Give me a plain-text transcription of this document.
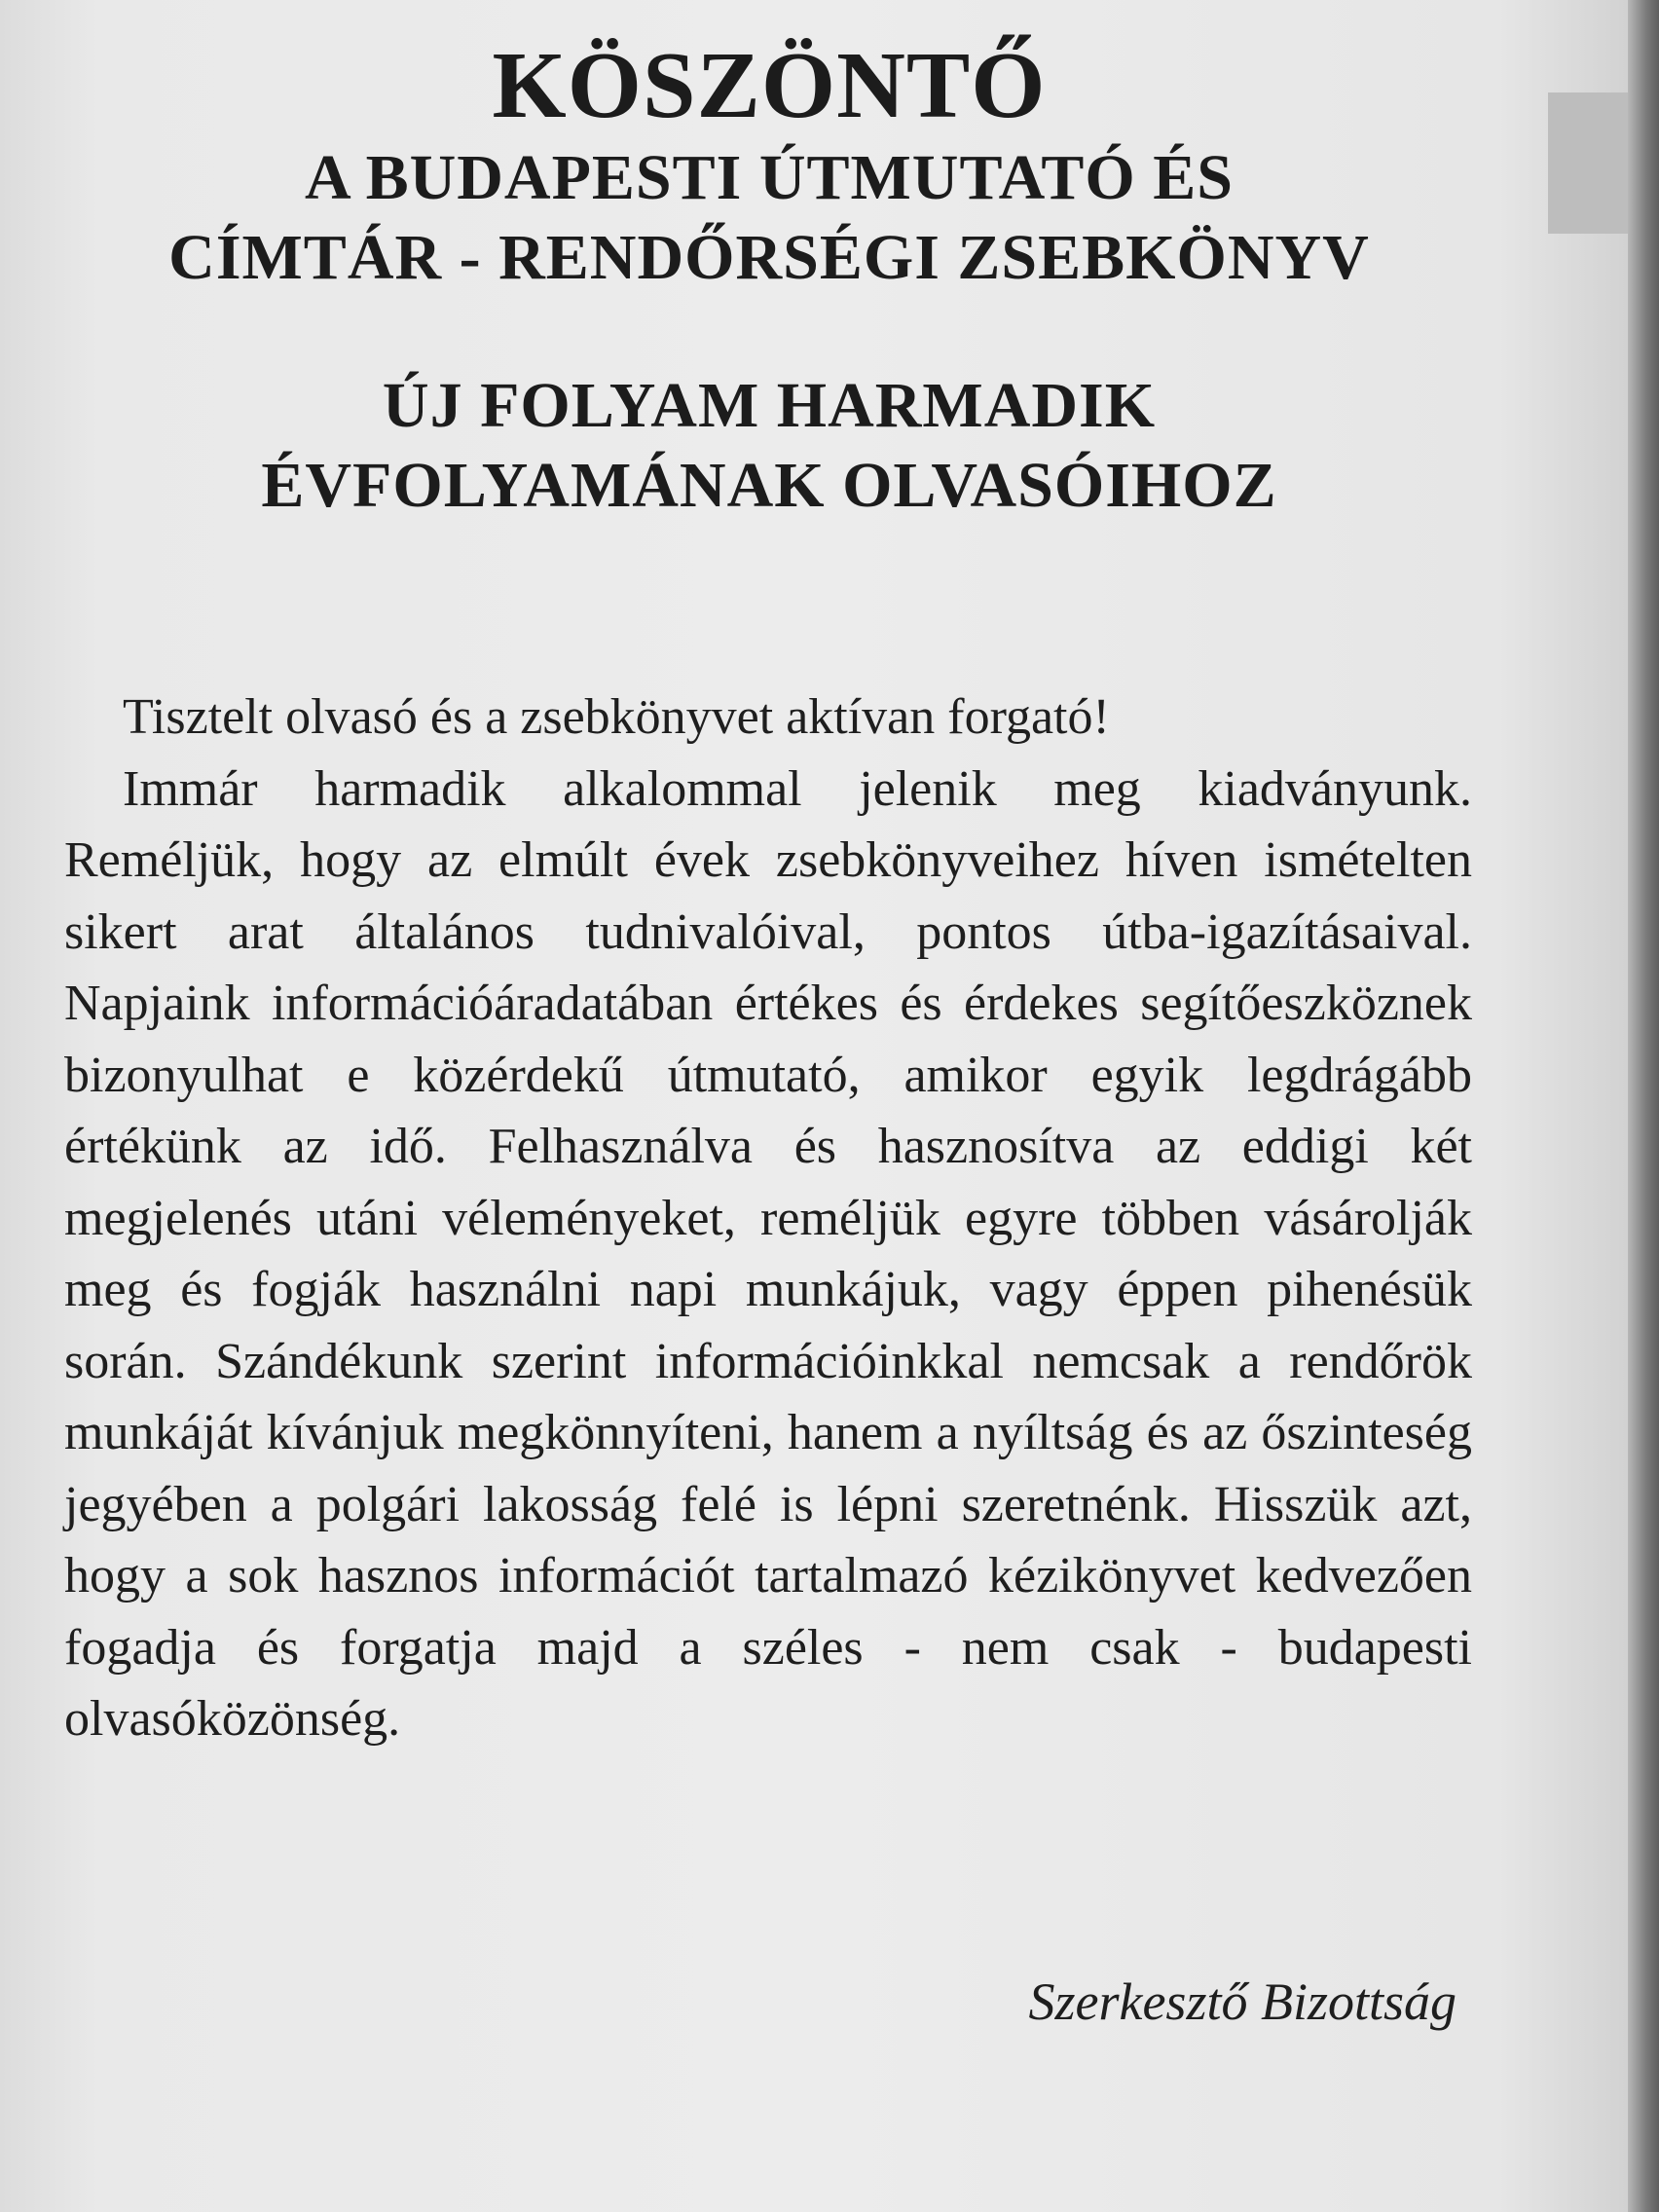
KÖSZÖNTŐ
A BUDAPESTI ÚTMUTATÓ ÉS
CÍMTÁR - RENDŐRSÉGI ZSEBKÖNYV
ÚJ FOLYAM HARMADIK
ÉVFOLYAMÁNAK OLVASÓIHOZ

Tisztelt olvasó és a zsebkönyvet aktívan forgató!

Immár harmadik alkalommal jelenik meg kiadványunk. Reméljük, hogy az elmúlt évek zsebkönyveihez híven ismételten sikert arat általános tudnivalóival, pontos útba-igazításaival. Napjaink információáradatában értékes és érdekes segítőeszköznek bizonyulhat e közérdekű útmutató, amikor egyik legdrágább értékünk az idő. Felhasználva és hasznosítva az eddigi két megjelenés utáni véleményeket, reméljük egyre többen vásárolják meg és fogják használni napi munkájuk, vagy éppen pihenésük során. Szándékunk szerint információinkkal nemcsak a rendőrök munkáját kívánjuk megkönnyíteni, hanem a nyíltság és az őszinteség jegyében a polgári lakosság felé is lépni szeretnénk. Hisszük azt, hogy a sok hasznos információt tartalmazó kézikönyvet kedvezően fogadja és forgatja majd a széles - nem csak - budapesti olvasóközönség.

Szerkesztő Bizottság
